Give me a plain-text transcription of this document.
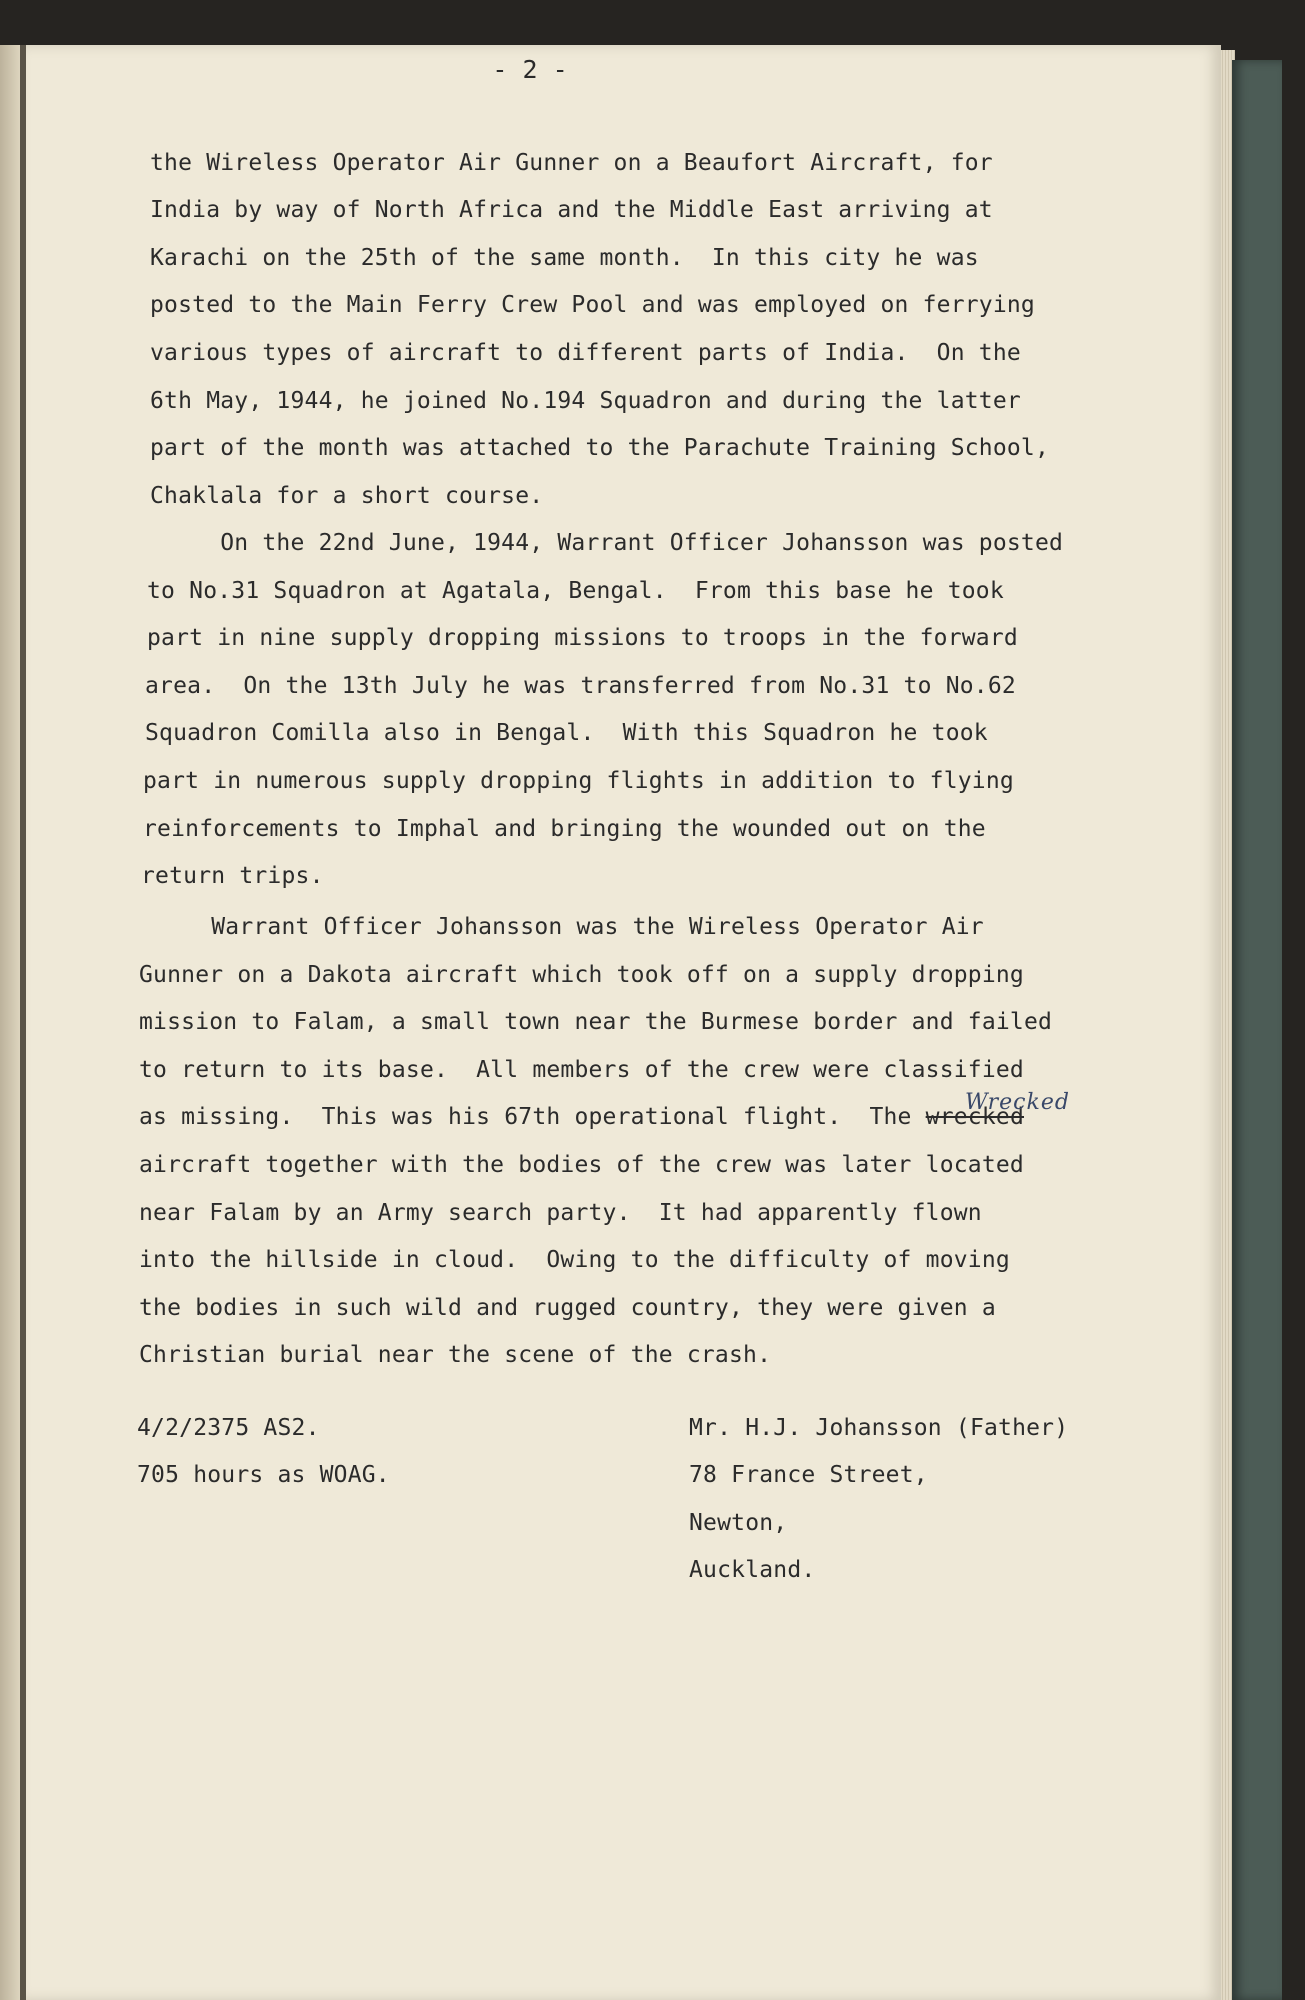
- 2 -

the Wireless Operator Air Gunner on a Beaufort Aircraft, for

India by way of North Africa and the Middle East arriving at

Karachi on the 25th of the same month.  In this city he was

posted to the Main Ferry Crew Pool and was employed on ferrying

various types of aircraft to different parts of India.  On the

6th May, 1944, he joined No.194 Squadron and during the latter

part of the month was attached to the Parachute Training School,

Chaklala for a short course.

On the 22nd June, 1944, Warrant Officer Johansson was posted

to No.31 Squadron at Agatala, Bengal.  From this base he took

part in nine supply dropping missions to troops in the forward

area.  On the 13th July he was transferred from No.31 to No.62

Squadron Comilla also in Bengal.  With this Squadron he took

part in numerous supply dropping flights in addition to flying

reinforcements to Imphal and bringing the wounded out on the

return trips.

Warrant Officer Johansson was the Wireless Operator Air

Gunner on a Dakota aircraft which took off on a supply dropping

mission to Falam, a small town near the Burmese border and failed

to return to its base.  All members of the crew were classified

as missing.  This was his 67th operational flight.  The wrecked

aircraft together with the bodies of the crew was later located

near Falam by an Army search party.  It had apparently flown

into the hillside in cloud.  Owing to the difficulty of moving

the bodies in such wild and rugged country, they were given a

Christian burial near the scene of the crash.

Wrecked

4/2/2375 AS2.

705 hours as WOAG.

Mr. H.J. Johansson (Father)

78 France Street,

Newton,

Auckland.
